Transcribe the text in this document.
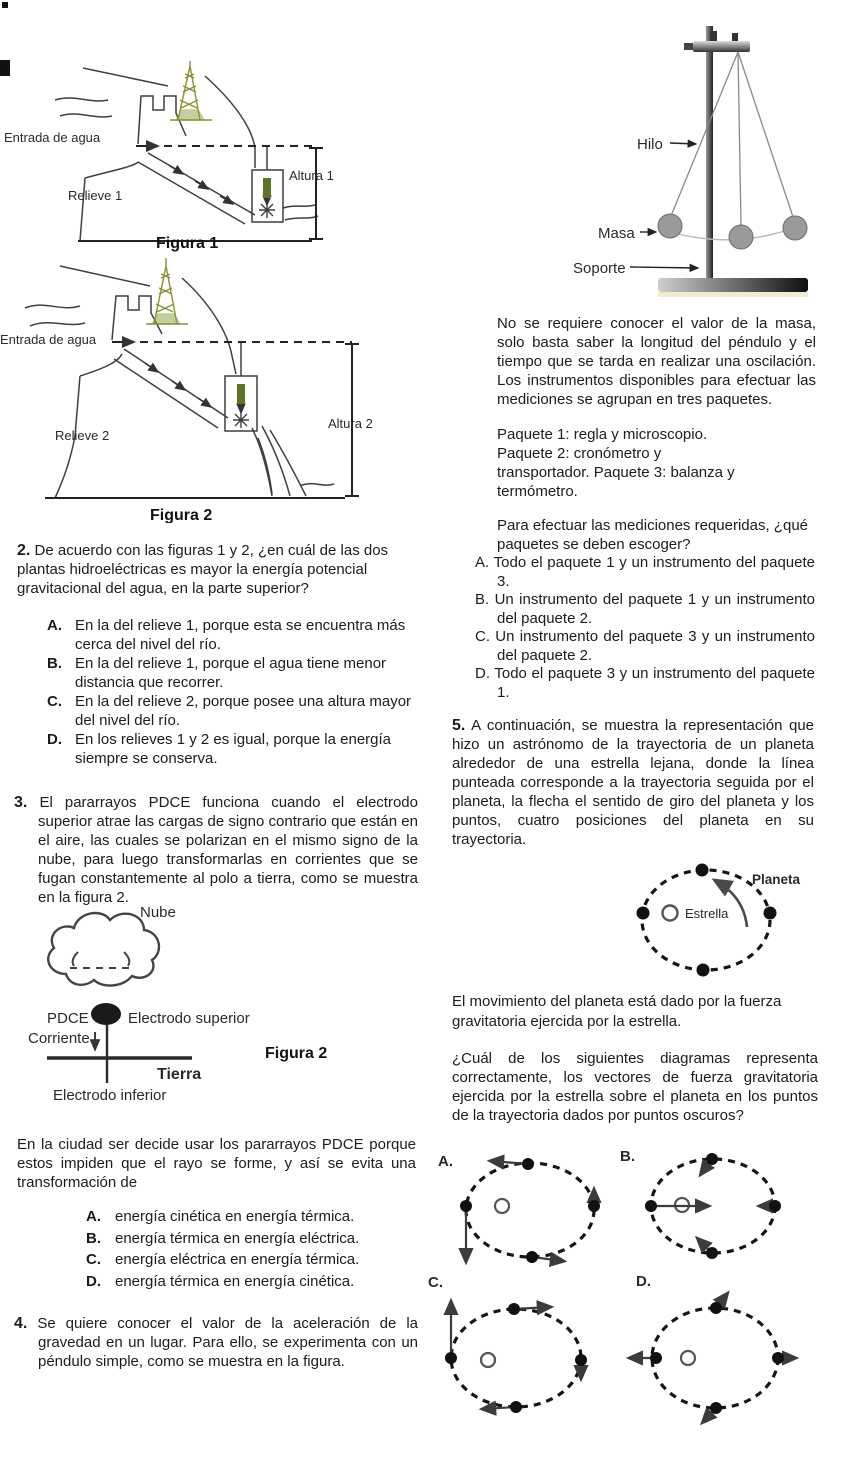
Entrada de agua
Altura 1
Relieve 1
Figura 1
Entrada de agua
Altura 2
Relieve 2
Figura 2

2. De acuerdo con las figuras 1 y 2, ¿en cuál de las dos plantas hidroeléctricas es mayor la energía potencial gravitacional del agua, en la parte superior?

A. En la del relieve 1, porque esta se encuentra más cerca del nivel del río.
B. En la del relieve 1, porque el agua tiene menor distancia que recorrer.
C. En la del relieve 2, porque posee una altura mayor del nivel del río.
D. En los relieves 1 y 2 es igual, porque la energía siempre se conserva.

3. El pararrayos PDCE funciona cuando el electrodo superior atrae las cargas de signo contrario que están en el aire, las cuales se polarizan en el mismo signo de la nube, para luego transformarlas en corrientes que se fugan constantemente al polo a tierra, como se muestra en la figura 2.

PDCE	Electrodo superior
Corriente
Tierra
Electrodo inferior
Figura 2
Nube
En la ciudad ser decide usar los pararrayos PDCE porque estos impiden que el rayo se forme, y así se evita una transformación de
A. energía cinética en energía térmica.
B. energía térmica en energía eléctrica.
C. energía eléctrica en energía térmica.
D. energía térmica en energía cinética.

4. Se quiere conocer el valor de la aceleración de la gravedad en un lugar. Para ello, se experimenta con un péndulo simple, como se muestra en la figura.

Hilo
Masa
Soporte
No se requiere conocer el valor de la masa, solo basta saber la longitud del péndulo y el tiempo que se tarda en realizar una oscilación. Los instrumentos disponibles para efectuar las mediciones se agrupan en tres paquetes.
Paquete 1: regla y microscopio.
Paquete 2: cronómetro y
transportador. Paquete 3: balanza y
termómetro.
Para efectuar las mediciones requeridas, ¿qué paquetes se deben escoger?
A. Todo el paquete 1 y un instrumento del paquete 3.
B. Un instrumento del paquete 1 y un instrumento del paquete 2.
C. Un instrumento del paquete 3 y un instrumento del paquete 2.
D. Todo el paquete 3 y un instrumento del paquete 1.

5. A continuación, se muestra la representación que hizo un astrónomo de la trayectoria de un planeta alrededor de una estrella lejana, donde la línea punteada corresponde a la trayectoria seguida por el planeta, la flecha el sentido de giro del planeta y los puntos, cuatro posiciones del planeta en su trayectoria.

Estrella
Planeta
El movimiento del planeta está dado por la fuerza gravitatoria ejercida por la estrella.
¿Cuál de los siguientes diagramas representa correctamente, los vectores de fuerza gravitatoria ejercida por la estrella sobre el planeta en los puntos de la trayectoria dados por puntos oscuros?
A.	B.
C.	D.
